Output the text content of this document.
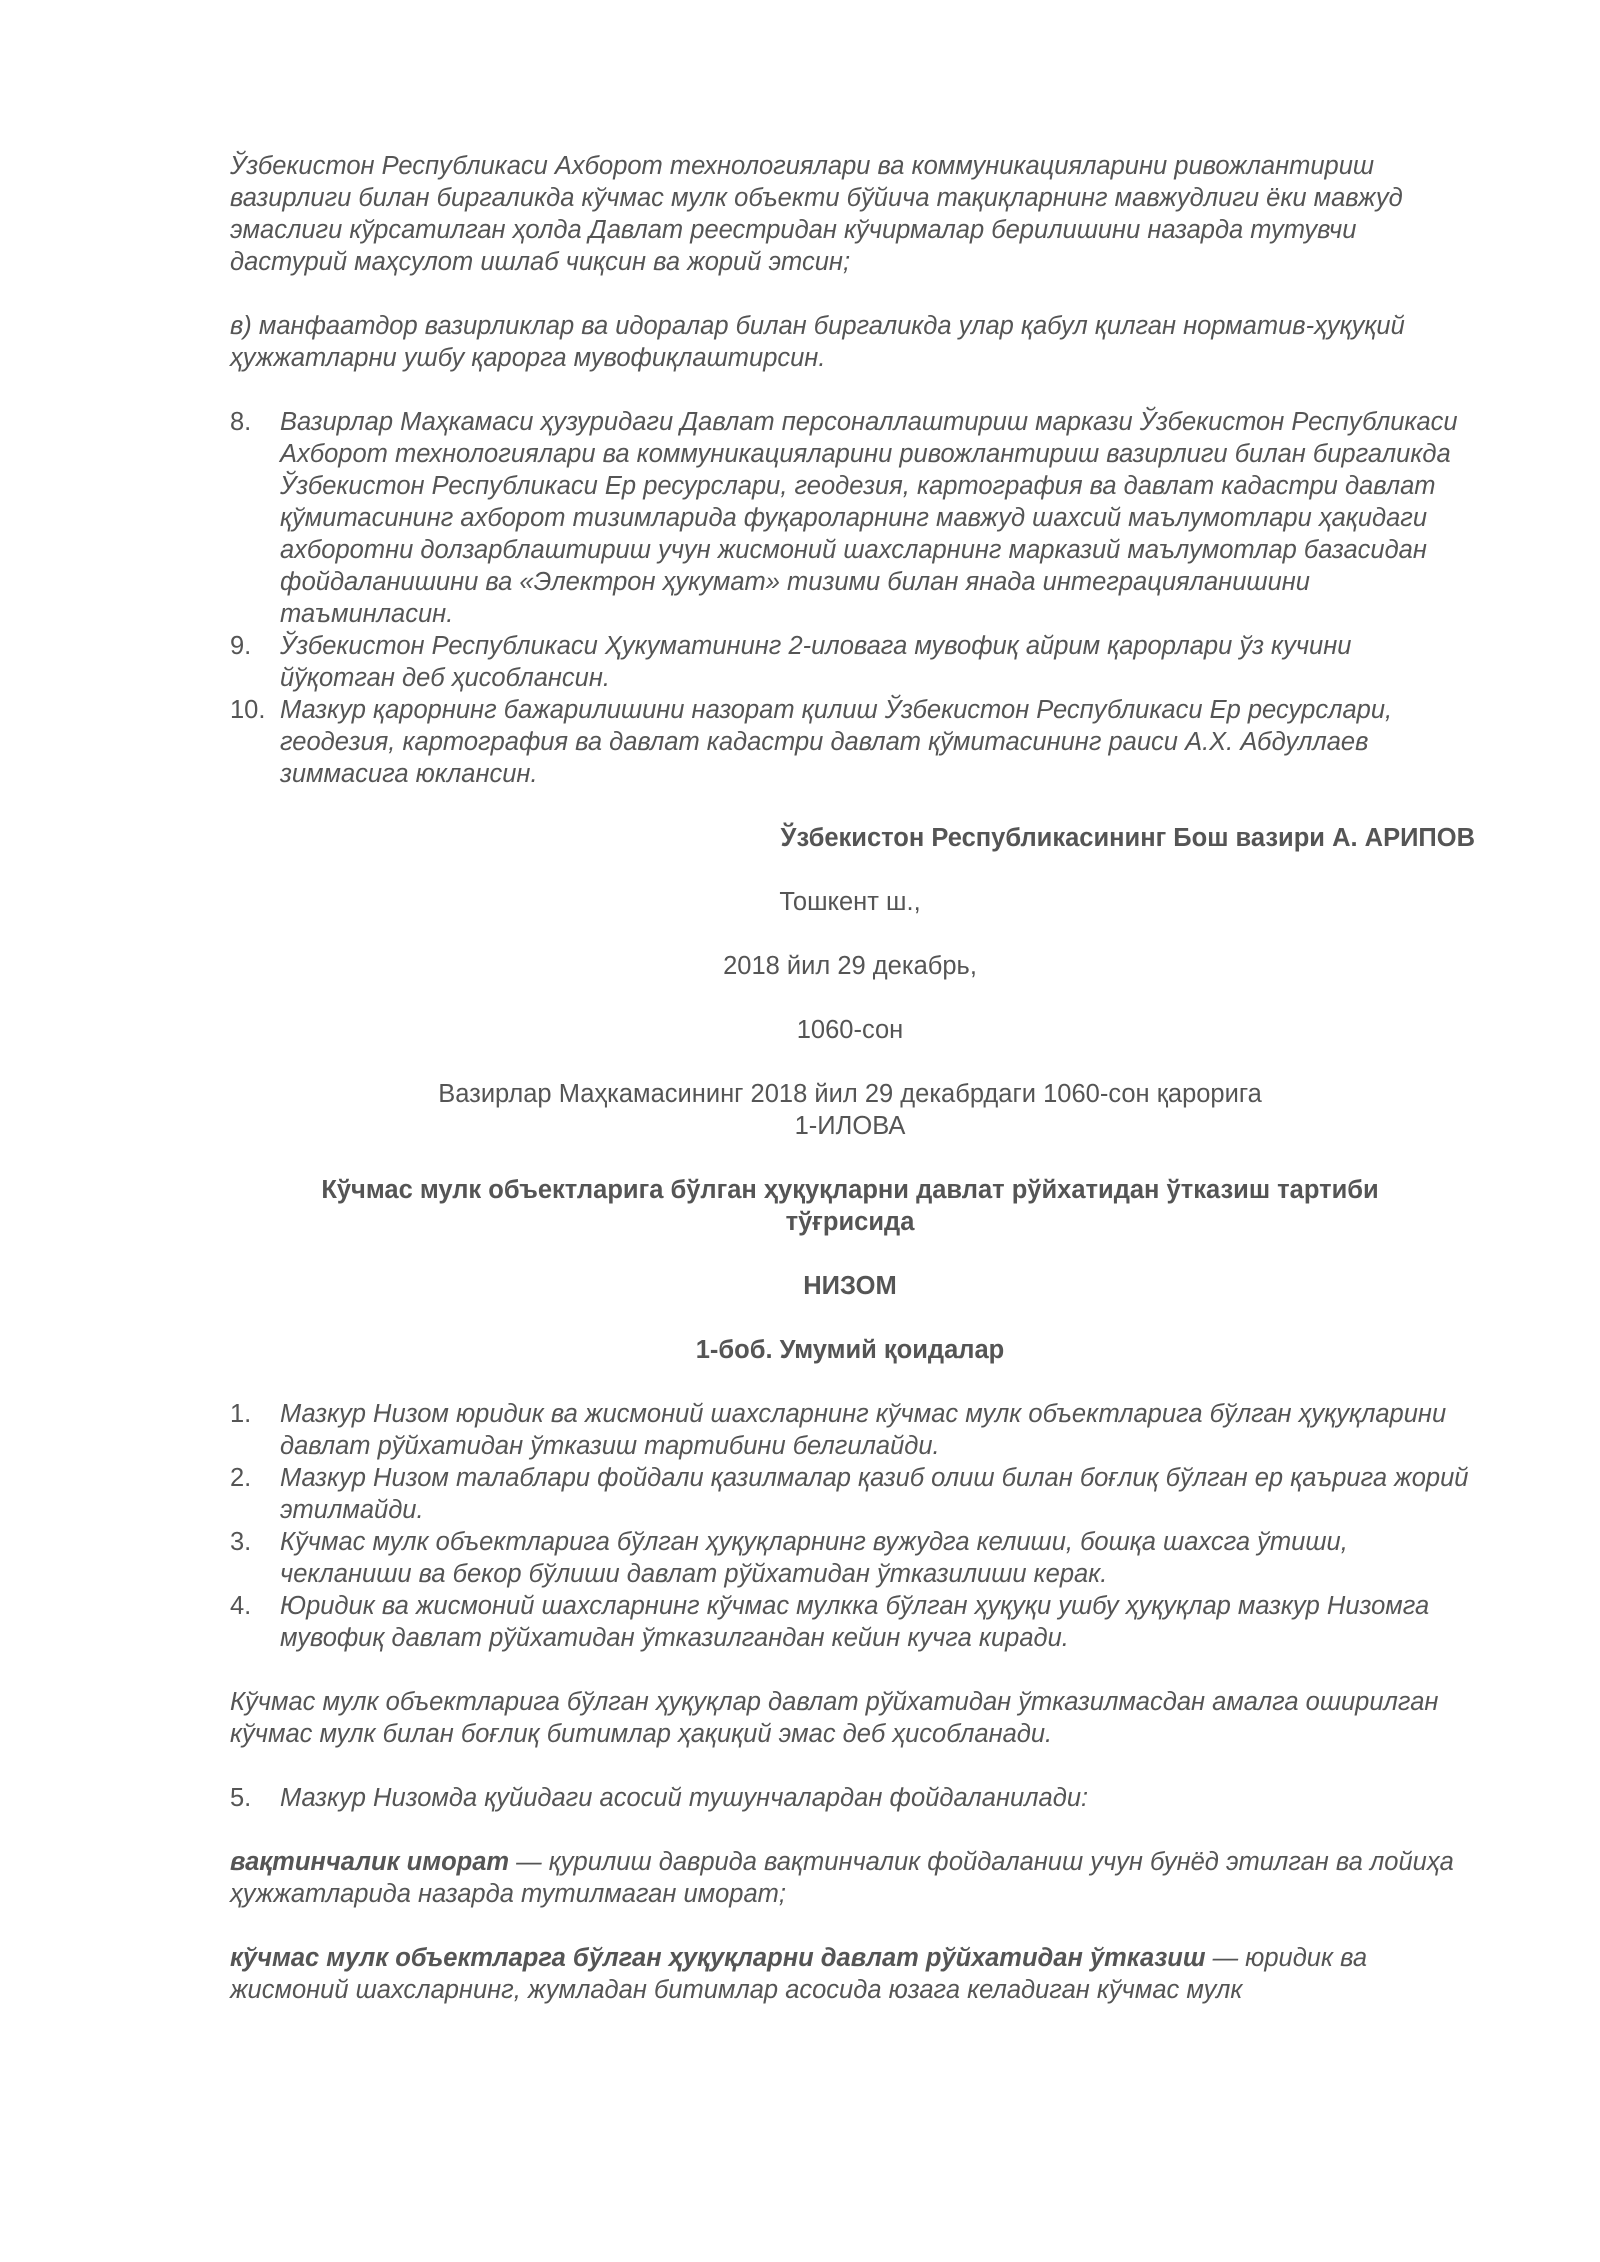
Ўзбекистон Республикаси Ахборот технологиялари ва коммуникацияларини ривожлантириш вазирлиги билан биргаликда кўчмас мулк объекти бўйича тақиқларнинг мавжудлиги ёки мавжуд эмаслиги кўрсатилган ҳолда Давлат реестридан кўчирмалар берилишини назарда тутувчи дастурий маҳсулот ишлаб чиқсин ва жорий этсин;

в) манфаатдор вазирликлар ва идоралар билан биргаликда улар қабул қилган норматив-ҳуқуқий ҳужжатларни ушбу қарорга мувофиқлаштирсин.

8.	Вазирлар Маҳкамаси ҳузуридаги Давлат персоналлаштириш маркази Ўзбекистон Республикаси Ахборот технологиялари ва коммуникацияларини ривожлантириш вазирлиги билан биргаликда Ўзбекистон Республикаси Ер ресурслари, геодезия, картография ва давлат кадастри давлат қўмитасининг ахборот тизимларида фуқароларнинг мавжуд шахсий маълумотлари ҳақидаги ахборотни долзарблаштириш учун жисмоний шахсларнинг марказий маълумотлар базасидан фойдаланишини ва «Электрон ҳукумат» тизими билан янада интеграцияланишини таъминласин.
9.	Ўзбекистон Республикаси Ҳукуматининг 2-иловага мувофиқ айрим қарорлари ўз кучини йўқотган деб ҳисоблансин.
10. Мазкур қарорнинг бажарилишини назорат қилиш Ўзбекистон Республикаси Ер ресурслари, геодезия, картография ва давлат кадастри давлат қўмитасининг раиси А.Х. Абдуллаев зиммасига юклансин.

Ўзбекистон Республикасининг Бош вазири А. АРИПОВ

Тошкент ш.,

2018 йил 29 декабрь,

1060-сон

Вазирлар Маҳкамасининг 2018 йил 29 декабрдаги 1060-сон қарорига

1-ИЛОВА

Кўчмас мулк объектларига бўлган ҳуқуқларни давлат рўйхатидан ўтказиш тартиби тўғрисида

НИЗОМ

1-боб. Умумий қоидалар

1.	Мазкур Низом юридик ва жисмоний шахсларнинг кўчмас мулк объектларига бўлган ҳуқуқларини давлат рўйхатидан ўтказиш тартибини белгилайди.
2.	Мазкур Низом талаблари фойдали қазилмалар қазиб олиш билан боғлиқ бўлган ер қаърига жорий этилмайди.
3.	Кўчмас мулк объектларига бўлган ҳуқуқларнинг вужудга келиши, бошқа шахсга ўтиши, чекланиши ва бекор бўлиши давлат рўйхатидан ўтказилиши керак.
4.	Юридик ва жисмоний шахсларнинг кўчмас мулкка бўлган ҳуқуқи ушбу ҳуқуқлар мазкур Низомга мувофиқ давлат рўйхатидан ўтказилгандан кейин кучга киради.

Кўчмас мулк объектларига бўлган ҳуқуқлар давлат рўйхатидан ўтказилмасдан амалга оширилган кўчмас мулк билан боғлиқ битимлар ҳақиқий эмас деб ҳисобланади.

5.	Мазкур Низомда қуйидаги асосий тушунчалардан фойдаланилади:

вақтинчалик иморат — қурилиш даврида вақтинчалик фойдаланиш учун бунёд этилган ва лойиҳа ҳужжатларида назарда тутилмаган иморат;

кўчмас мулк объектларга бўлган ҳуқуқларни давлат рўйхатидан ўтказиш — юридик ва жисмоний шахсларнинг, жумладан битимлар асосида юзага келадиган кўчмас мулк
